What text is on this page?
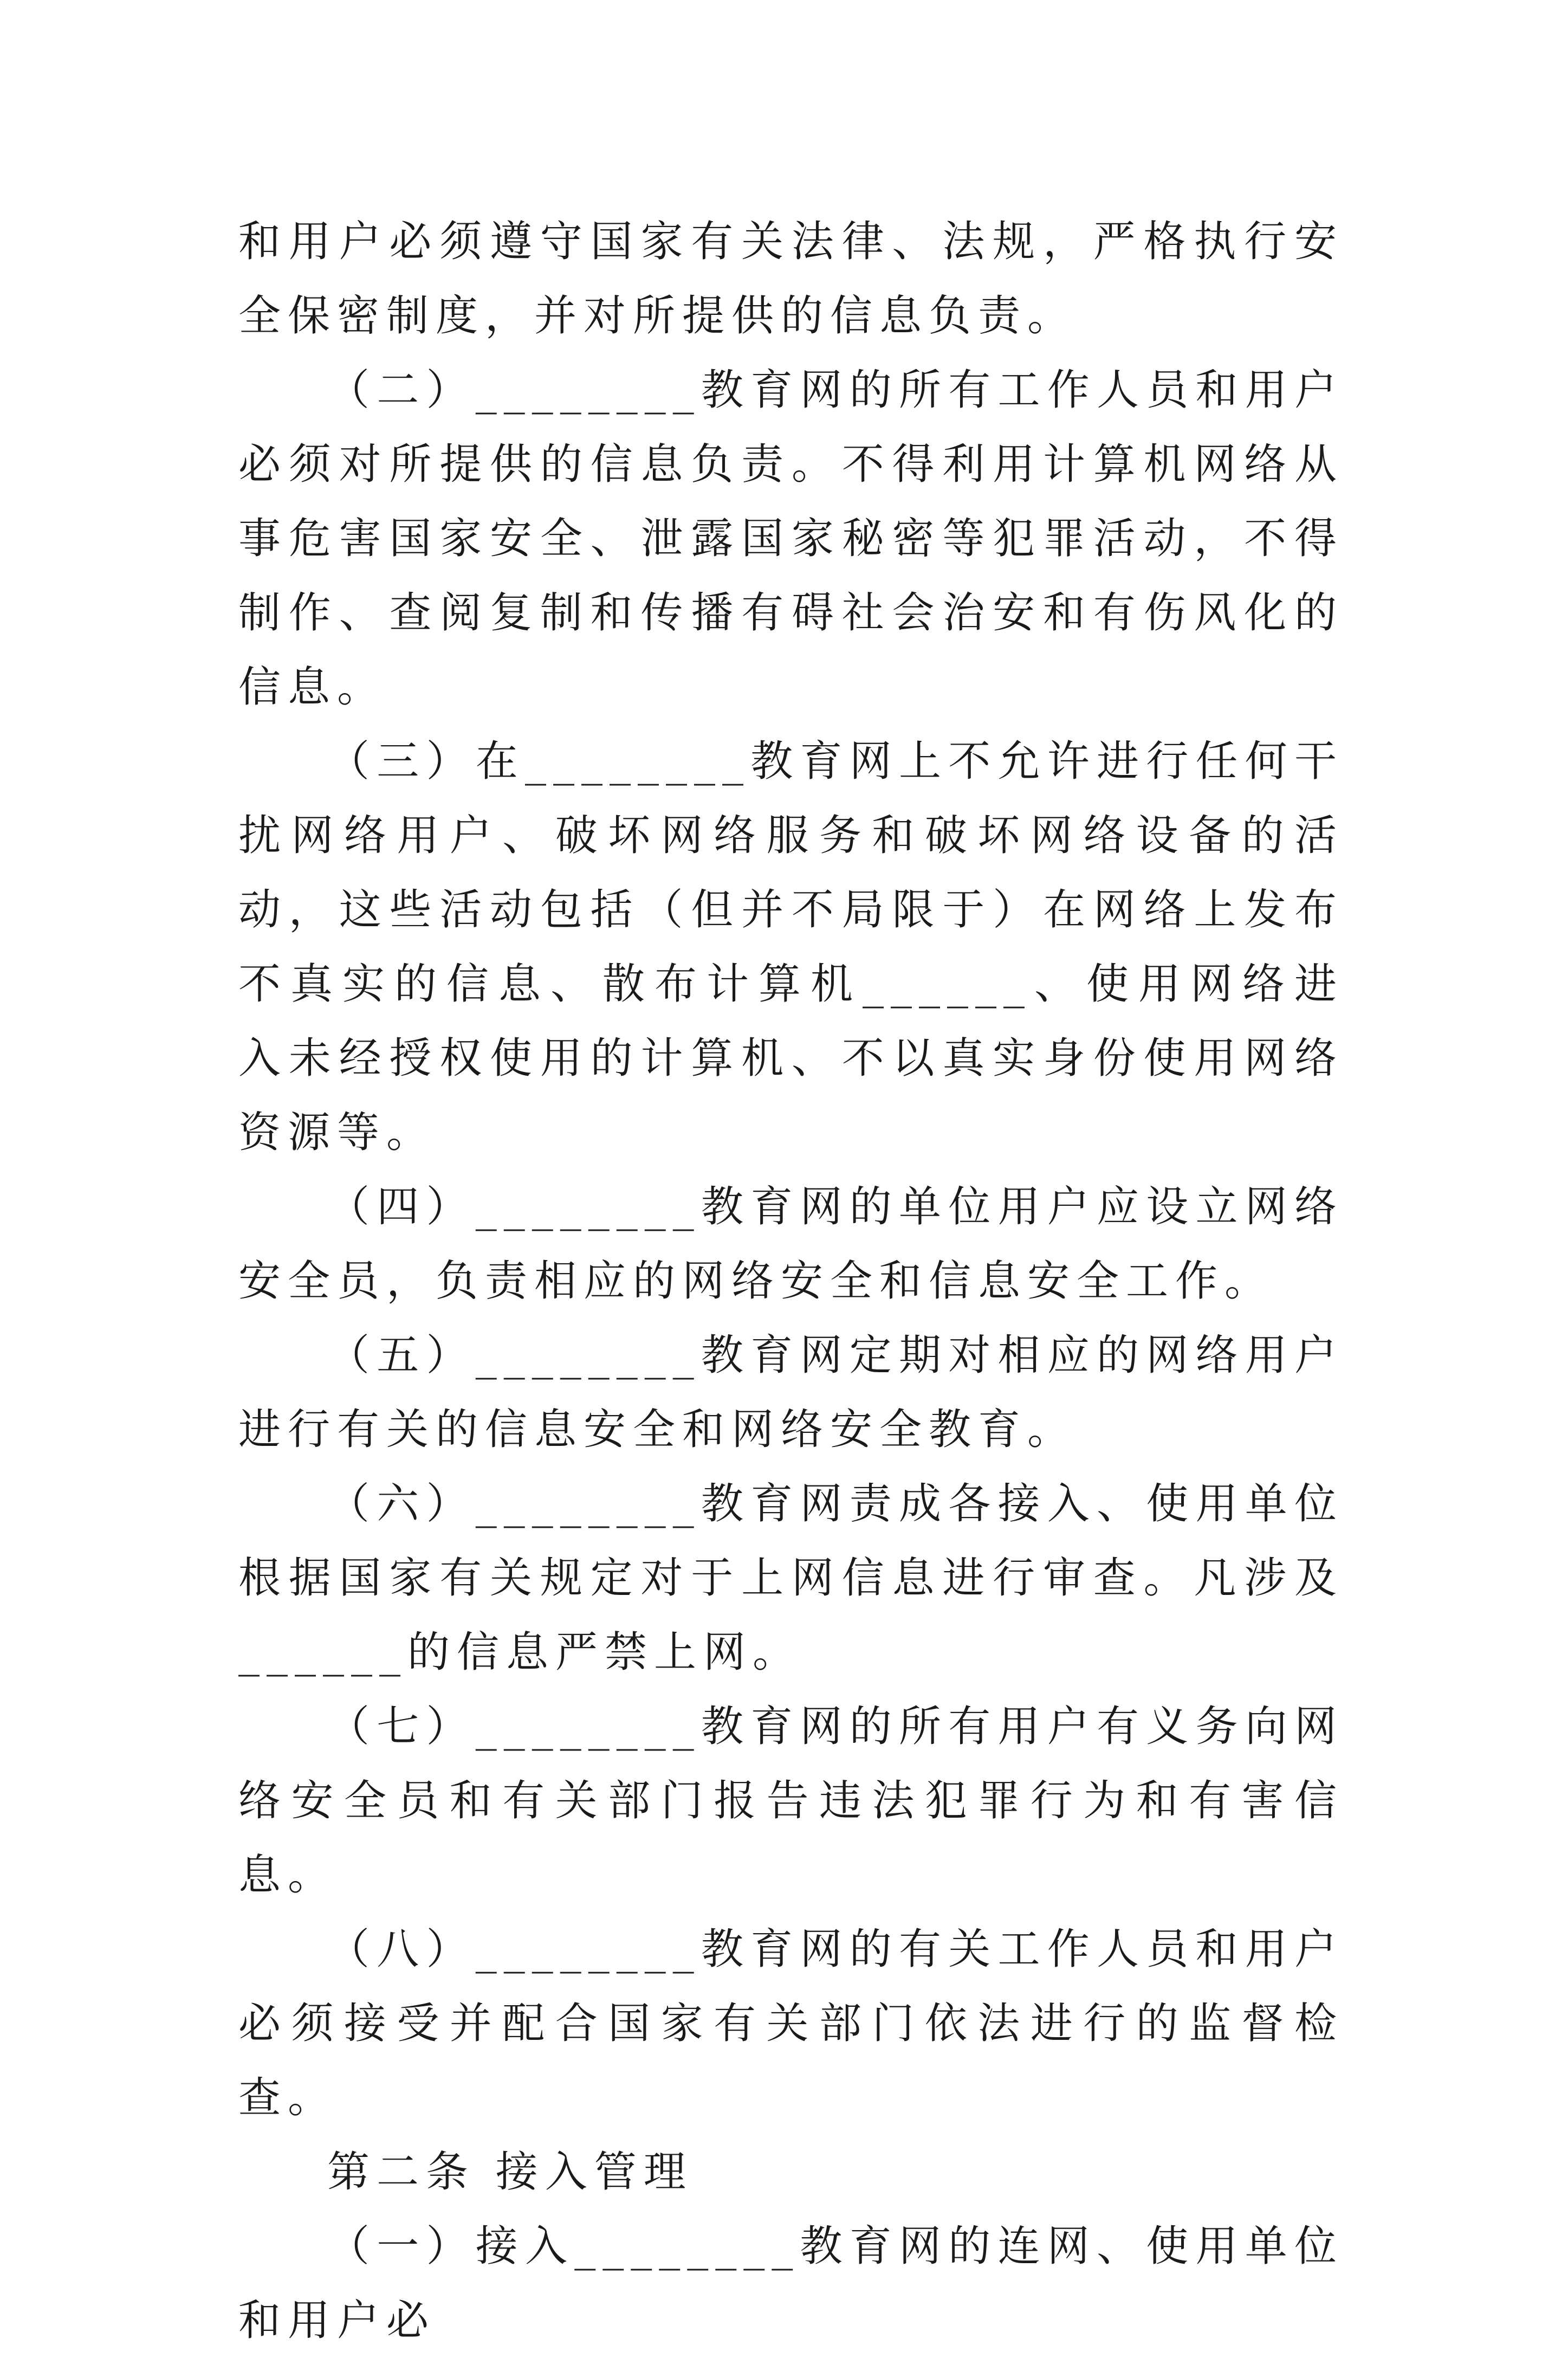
和用户必须遵守国家有关法律、法规，严格执行安全保密制度，并对所提供的信息负责。

（二）________教育网的所有工作人员和用户必须对所提供的信息负责。不得利用计算机网络从事危害国家安全、泄露国家秘密等犯罪活动，不得制作、查阅复制和传播有碍社会治安和有伤风化的信息。

（三）在________教育网上不允许进行任何干扰网络用户、破坏网络服务和破坏网络设备的活动，这些活动包括（但并不局限于）在网络上发布不真实的信息、散布计算机______、使用网络进入未经授权使用的计算机、不以真实身份使用网络资源等。

（四）________教育网的单位用户应设立网络安全员，负责相应的网络安全和信息安全工作。

（五）________教育网定期对相应的网络用户进行有关的信息安全和网络安全教育。

（六）________教育网责成各接入、使用单位根据国家有关规定对于上网信息进行审查。凡涉及______的信息严禁上网。

（七）________教育网的所有用户有义务向网络安全员和有关部门报告违法犯罪行为和有害信息。

（八）________教育网的有关工作人员和用户必须接受并配合国家有关部门依法进行的监督检查。

第二条 接入管理

（一）接入________教育网的连网、使用单位和用户必
